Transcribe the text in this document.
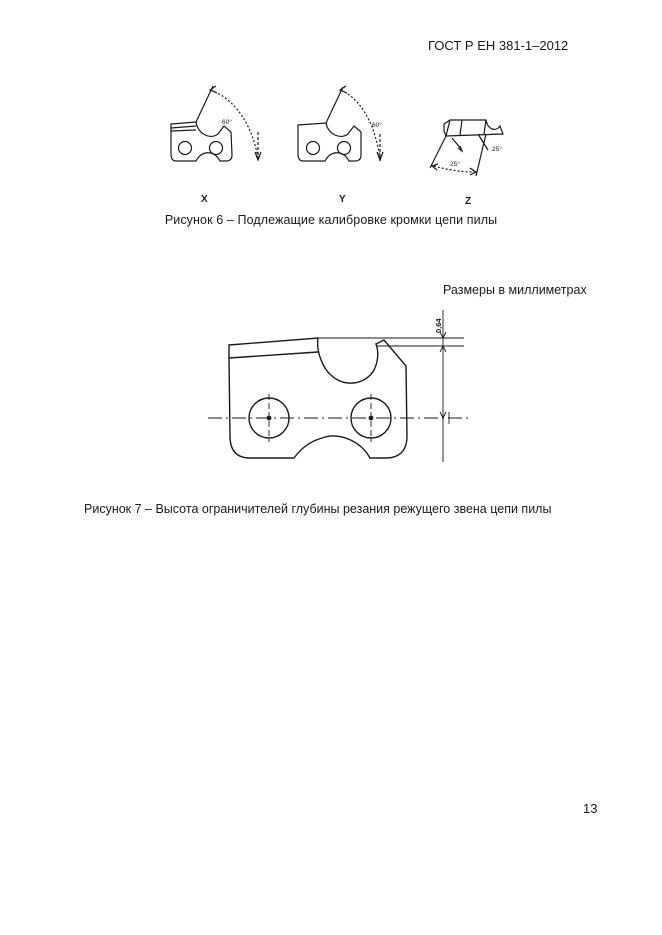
ГОСТ Р ЕН 381-1–2012
60°	60°
25°
25°
X	Y	Z
Рисунок 6 – Подлежащие калибровке кромки цепи пилы
Размеры в миллиметрах
0,64
Рисунок 7 – Высота ограничителей глубины резания режущего звена цепи пилы
13
